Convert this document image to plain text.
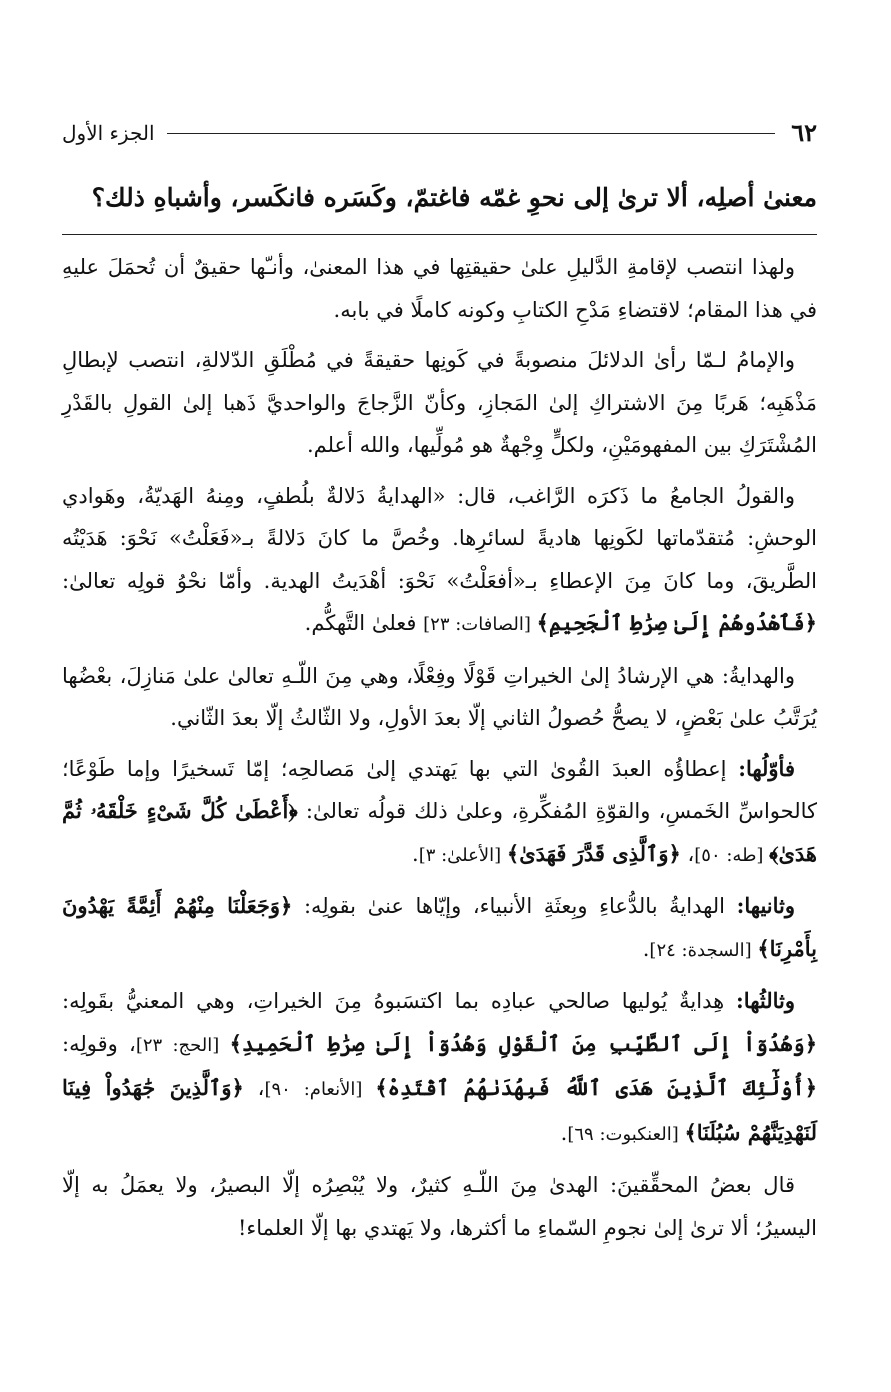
٦٢
الجزء الأول
معنىٰ أصلِه، ألا ترىٰ إلى نحوِ غمّه فاغتمّ، وكَسَره فانكَسر، وأشباهِ ذلك؟

ولهذا انتصب لإقامةِ الدَّليلِ علىٰ حقيقتِها في هذا المعنىٰ، وأنـّها حقيقٌ أن تُحمَلَ عليهِ في هذا المقام؛ لاقتضاءِ مَدْحِ الكتابِ وكونه كاملًا في بابه.

والإمامُ لـمّا رأىٰ الدلائلَ منصوبةً في كَونِها حقيقةً في مُطْلَقِ الدّلالةِ، انتصب لإبطالِ مَذْهَبِه؛ هَربًا مِنَ الاشتراكِ إلىٰ المَجازِ، وكأنّ الزَّجاجَ والواحديَّ ذَهبا إلىٰ القولِ بالقَدْرِ المُشْتَرَكِ بين المفهومَيْنِ، ولكلٍّ وِجْهةٌ هو مُولِّيها، والله أعلم.

والقولُ الجامعُ ما ذَكرَه الرَّاغب، قال: «الهدايةُ دَلالةٌ بلُطفٍ، ومِنهُ الهَديّةُ، وهَوادي الوحشِ: مُتقدّماتها لكَونِها هاديةً لسائرِها. وخُصَّ ما كانَ دَلالةً بـ«فَعَلْتُ» نَحْوَ: هَدَيْتُه الطَّريقَ، وما كانَ مِنَ الإعطاءِ بـ«أفعَلْتُ» نَحْوَ: أهْدَيتُ الهدية. وأمّا نحْوُ قولِه تعالىٰ: ﴿فَٱهْدُوهُمْ إِلَىٰ صِرَٰطِ ٱلْجَحِيمِ﴾ [الصافات: ٢٣] فعلىٰ التَّهكُّم.

والهدايةُ: هي الإرشادُ إلىٰ الخيراتِ قَوْلًا وفِعْلًا، وهي مِنَ اللّـهِ تعالىٰ علىٰ مَنازِلَ، بعْضُها يُرَتَّبُ علىٰ بَعْضٍ، لا يصحُّ حُصولُ الثاني إلّا بعدَ الأولِ، ولا الثّالثُ إلّا بعدَ الثّاني.

فأوّلُها: إعطاؤُه العبدَ القُوىٰ التي بها يَهتدي إلىٰ مَصالحِه؛ إمّا تَسخيرًا وإما طَوْعًا؛ كالحواسِّ الخَمسِ، والقوّةِ المُفكِّرةِ، وعلىٰ ذلك قولُه تعالىٰ: ﴿أَعْطَىٰ كُلَّ شَىْءٍ خَلْقَهُۥ ثُمَّ هَدَىٰ﴾ [طه: ٥٠]، ﴿وَٱلَّذِى قَدَّرَ فَهَدَىٰ﴾ [الأعلىٰ: ٣].

وثانيها: الهدايةُ بالدُّعاءِ وبِعثَةِ الأنبياء، وإيّاها عنىٰ بقولِه: ﴿وَجَعَلْنَا مِنْهُمْ أَئِمَّةً يَهْدُونَ بِأَمْرِنَا﴾ [السجدة: ٢٤].

وثالثُها: هِدايةٌ يُوليها صالحي عبادِه بما اكتسَبوهُ مِنَ الخيراتِ، وهي المعنيُّ بقَولِه: ﴿وَهُدُوٓاْ إِلَى ٱلطَّيِّبِ مِنَ ٱلْقَوْلِ وَهُدُوٓاْ إِلَىٰ صِرَٰطِ ٱلْحَمِيدِ﴾ [الحج: ٢٣]، وقولِه: ﴿أُوْلَٰٓئِكَ ٱلَّذِينَ هَدَى ٱللَّهُ فَبِهُدَىٰهُمُ ٱقْتَدِهْ﴾ [الأنعام: ٩٠]، ﴿وَٱلَّذِينَ جَٰهَدُواْ فِينَا لَنَهْدِيَنَّهُمْ سُبُلَنَا﴾ [العنكبوت: ٦٩].

قال بعضُ المحقِّقينَ: الهدىٰ مِنَ اللّـهِ كثيرٌ، ولا يُبْصِرُه إلّا البصيرُ، ولا يعمَلُ به إلّا اليسيرُ؛ ألا ترىٰ إلىٰ نجومِ السّماءِ ما أكثرها، ولا يَهتدي بها إلّا العلماء!
